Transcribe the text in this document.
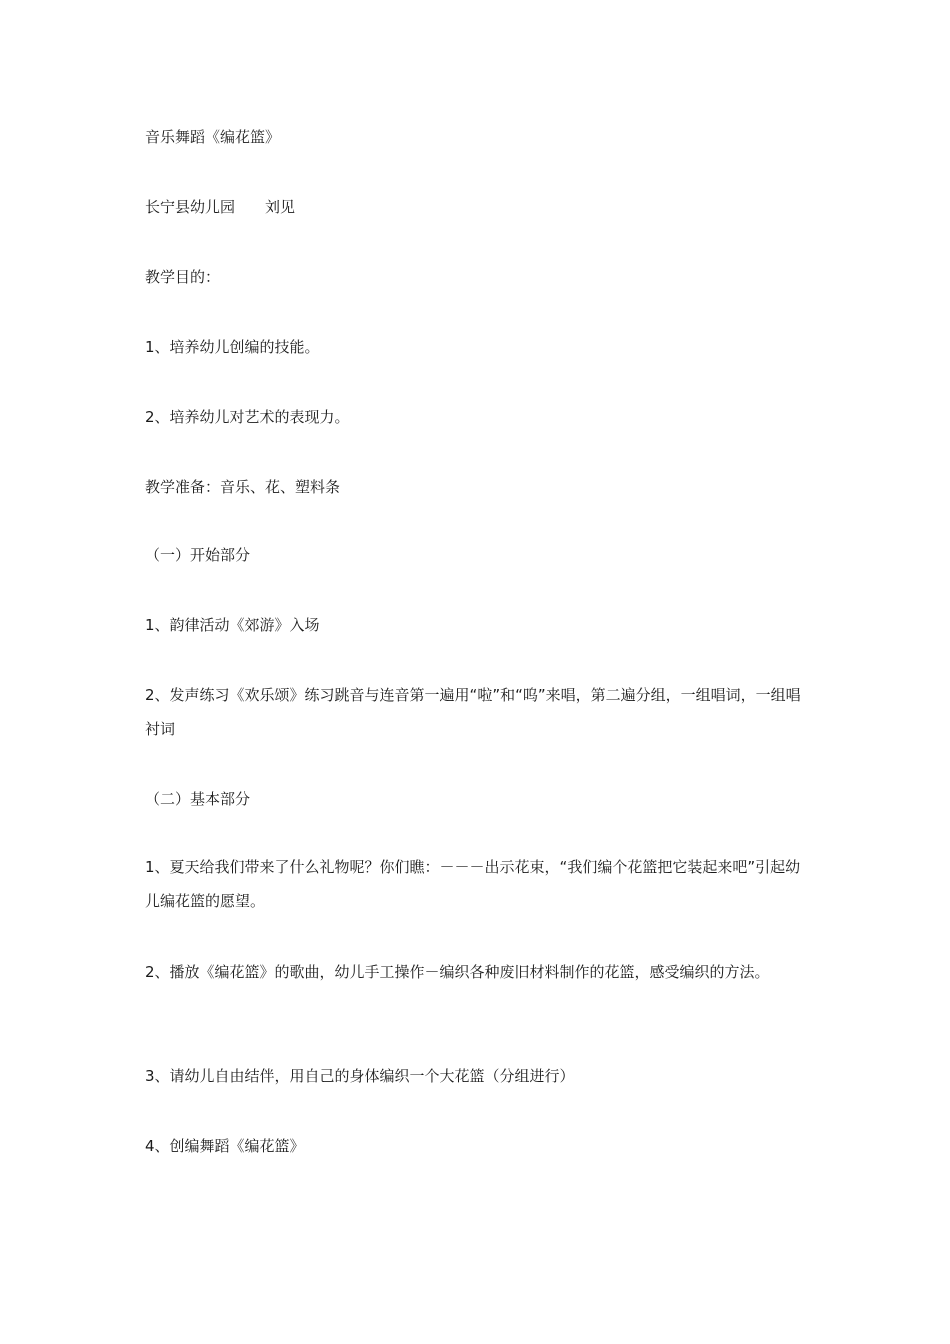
音乐舞蹈《编花篮》

长宁县幼儿园　　刘见

教学目的：

1、培养幼儿创编的技能。

2、培养幼儿对艺术的表现力。

教学准备：音乐、花、塑料条

（一）开始部分

1、韵律活动《郊游》入场

2、发声练习《欢乐颂》练习跳音与连音第一遍用“啦”和“呜”来唱，第二遍分组，一组唱词，一组唱衬词

（二）基本部分

1、夏天给我们带来了什么礼物呢？你们瞧：－－－出示花束，“我们编个花篮把它装起来吧”引起幼儿编花篮的愿望。

2、播放《编花篮》的歌曲，幼儿手工操作－编织各种废旧材料制作的花篮，感受编织的方法。

3、请幼儿自由结伴，用自己的身体编织一个大花篮（分组进行）

4、创编舞蹈《编花篮》
